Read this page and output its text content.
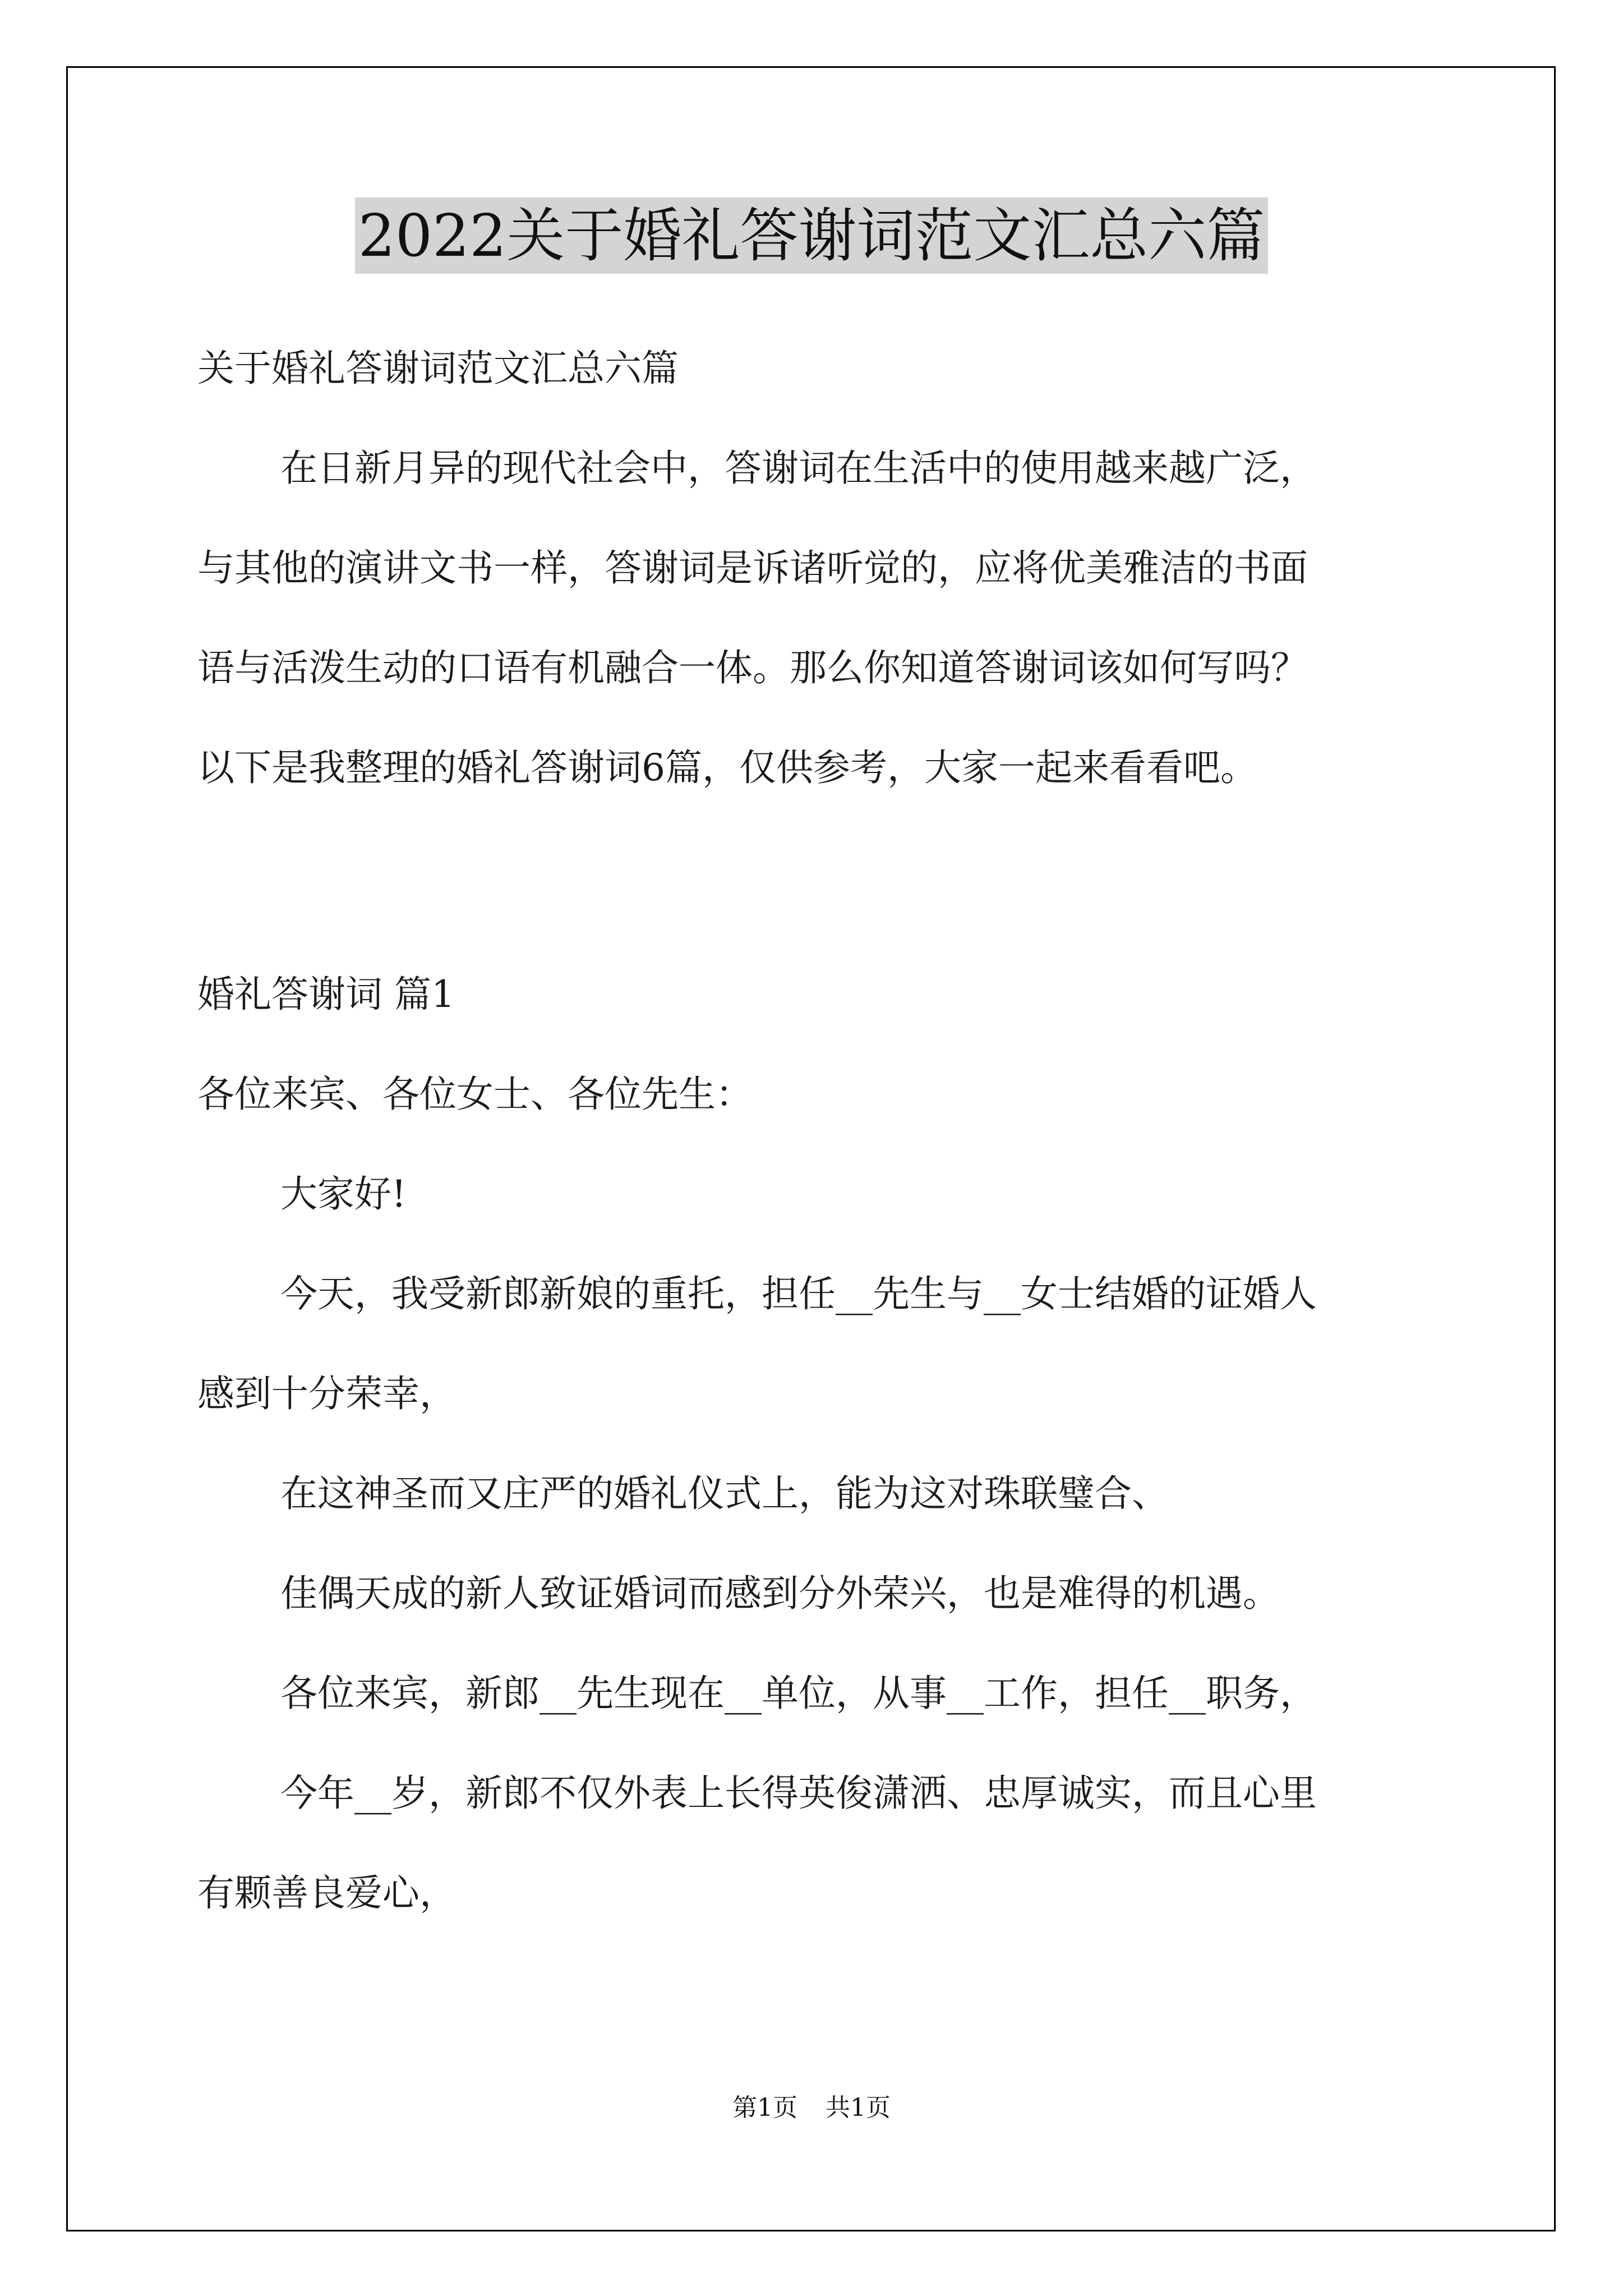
2022关于婚礼答谢词范文汇总六篇
关于婚礼答谢词范文汇总六篇
在日新月异的现代社会中，答谢词在生活中的使用越来越广泛，
与其他的演讲文书一样，答谢词是诉诸听觉的，应将优美雅洁的书面
语与活泼生动的口语有机融合一体。那么你知道答谢词该如何写吗？
以下是我整理的婚礼答谢词6篇，仅供参考，大家一起来看看吧。
婚礼答谢词 篇1
各位来宾、各位女士、各位先生：
大家好!
今天，我受新郎新娘的重托，担任__先生与__女士结婚的证婚人
感到十分荣幸，
在这神圣而又庄严的婚礼仪式上，能为这对珠联璧合、
佳偶天成的新人致证婚词而感到分外荣兴，也是难得的机遇。
各位来宾，新郎__先生现在__单位，从事__工作，担任__职务，
今年__岁，新郎不仅外表上长得英俊潇洒、忠厚诚实，而且心里
有颗善良爱心，
第1页 共1页
